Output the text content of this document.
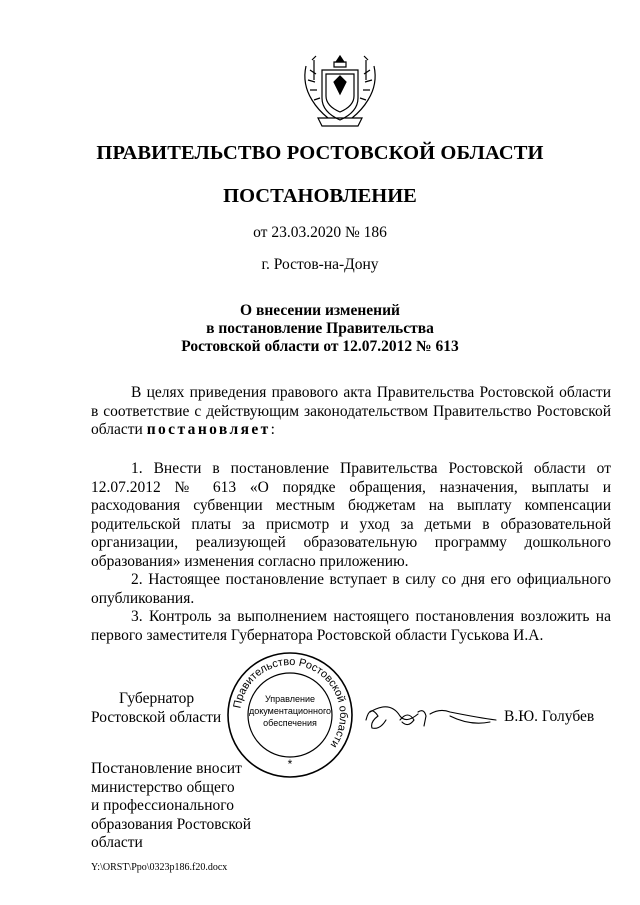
ПРАВИТЕЛЬСТВО РОСТОВСКОЙ ОБЛАСТИ
ПОСТАНОВЛЕНИЕ
от 23.03.2020 № 186
г. Ростов-на-Дону
О внесении изменений
в постановление Правительства
Ростовской области от 12.07.2012 № 613

В целях приведения правового акта Правительства Ростовской области в соответствие с действующим законодательством Правительство Ростовской области постановляет:

1. Внести в постановление Правительства Ростовской области от 12.07.2012 № 613 «О порядке обращения, назначения, выплаты и расходования субвенции местным бюджетам на выплату компенсации родительской платы за присмотр и уход за детьми в образовательной организации, реализующей образовательную программу дошкольного образования» изменения согласно приложению.

2. Настоящее постановление вступает в силу со дня его официального опубликования.

3. Контроль за выполнением настоящего постановления возложить на первого заместителя Губернатора Ростовской области Гуськова И.А.

Губернатор
Ростовской области
Правительство Ростовской области
Управление
документационного
обеспечения
*
В.Ю. Голубев
Постановление вносит
министерство общего
и профессионального
образования Ростовской
области
Y:\ORST\Ppo\0323p186.f20.docx
